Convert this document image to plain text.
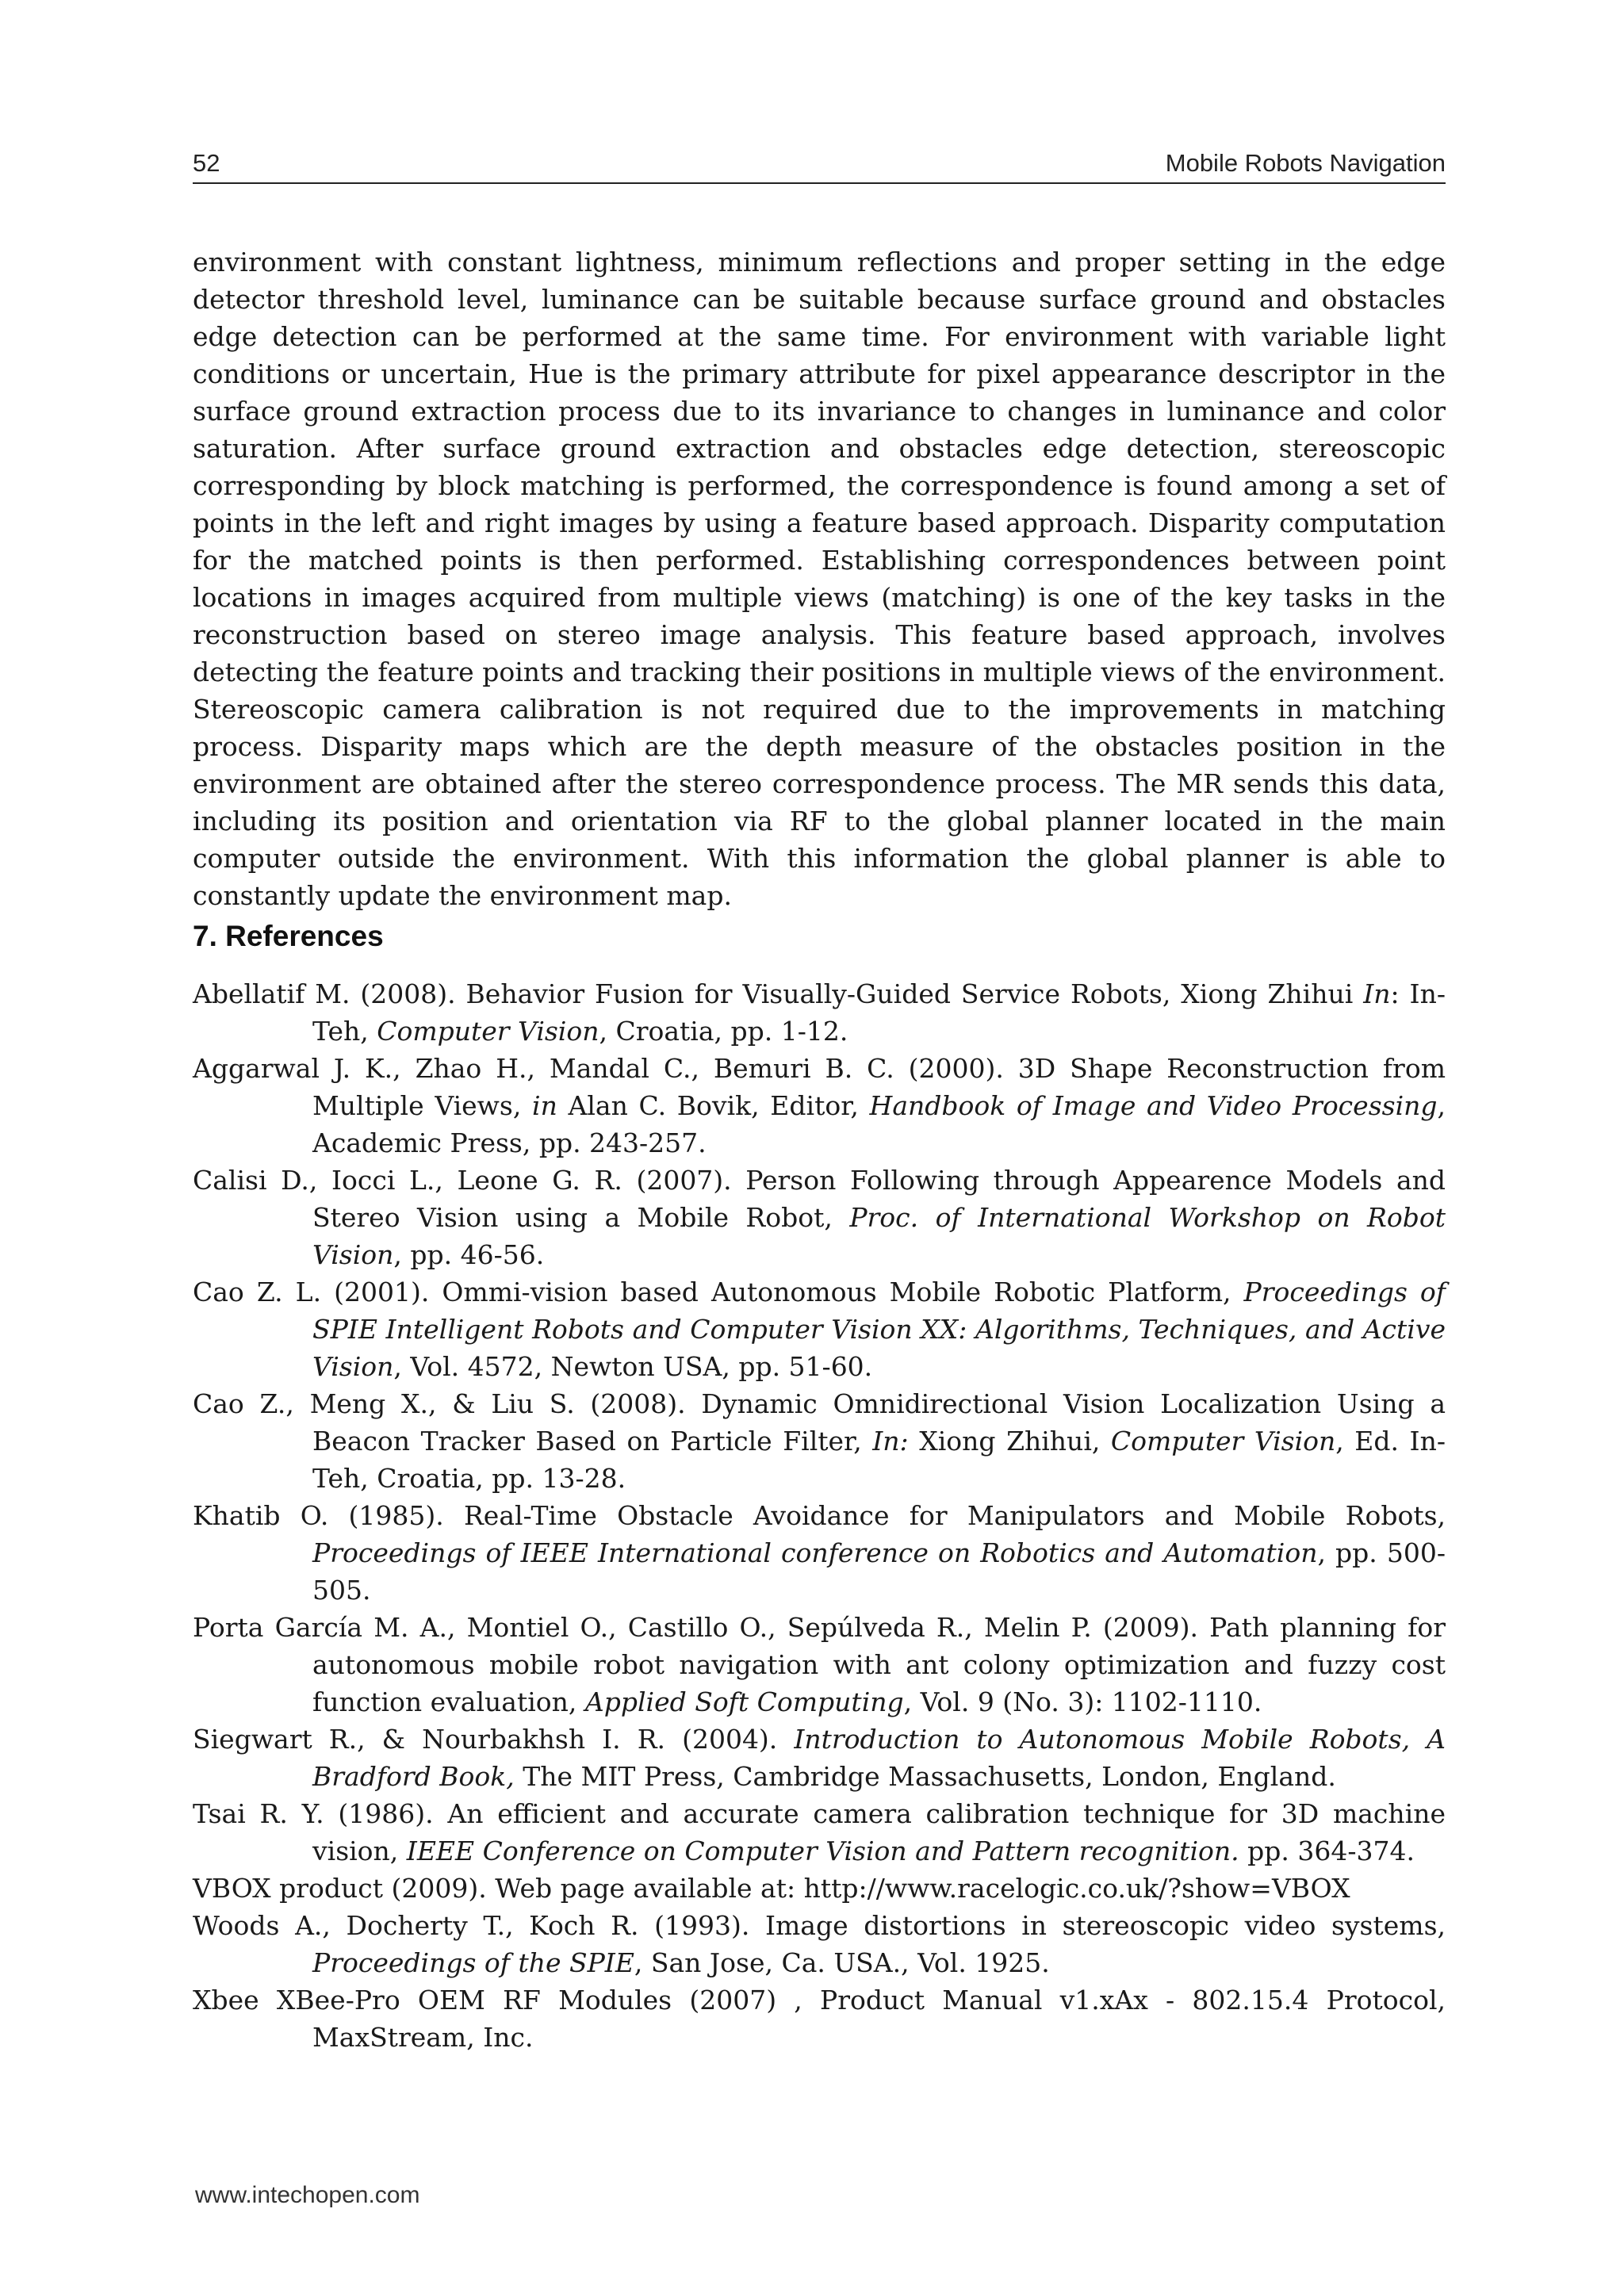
52	Mobile Robots Navigation

environment with constant lightness, minimum reflections and proper setting in the edge detector threshold level, luminance can be suitable because surface ground and obstacles edge detection can be performed at the same time. For environment with variable light conditions or uncertain, Hue is the primary attribute for pixel appearance descriptor in the surface ground extraction process due to its invariance to changes in luminance and color saturation. After surface ground extraction and obstacles edge detection, stereoscopic corresponding by block matching is performed, the correspondence is found among a set of points in the left and right images by using a feature based approach. Disparity computation for the matched points is then performed. Establishing correspondences between point locations in images acquired from multiple views (matching) is one of the key tasks in the reconstruction based on stereo image analysis. This feature based approach, involves detecting the feature points and tracking their positions in multiple views of the environment. Stereoscopic camera calibration is not required due to the improvements in matching process. Disparity maps which are the depth measure of the obstacles position in the environment are obtained after the stereo correspondence process. The MR sends this data, including its position and orientation via RF to the global planner located in the main computer outside the environment. With this information the global planner is able to constantly update the environment map.

7. References
Abellatif M. (2008). Behavior Fusion for Visually-Guided Service Robots, Xiong Zhihui In: In-Teh, Computer Vision, Croatia, pp. 1-12.
Aggarwal J. K., Zhao H., Mandal C., Bemuri B. C. (2000). 3D Shape Reconstruction from Multiple Views, in Alan C. Bovik, Editor, Handbook of Image and Video Processing, Academic Press, pp. 243-257.
Calisi D., Iocci L., Leone G. R. (2007). Person Following through Appearence Models and Stereo Vision using a Mobile Robot, Proc. of International Workshop on Robot Vision, pp. 46-56.
Cao Z. L. (2001). Ommi-vision based Autonomous Mobile Robotic Platform, Proceedings of SPIE Intelligent Robots and Computer Vision XX: Algorithms, Techniques, and Active Vision, Vol. 4572, Newton USA, pp. 51-60.
Cao Z., Meng X., & Liu S. (2008). Dynamic Omnidirectional Vision Localization Using a Beacon Tracker Based on Particle Filter, In: Xiong Zhihui, Computer Vision, Ed. In-Teh, Croatia, pp. 13-28.
Khatib O. (1985). Real-Time Obstacle Avoidance for Manipulators and Mobile Robots, Proceedings of IEEE International conference on Robotics and Automation, pp. 500-505.
Porta García M. A., Montiel O., Castillo O., Sepúlveda R., Melin P. (2009). Path planning for autonomous mobile robot navigation with ant colony optimization and fuzzy cost function evaluation, Applied Soft Computing, Vol. 9 (No. 3): 1102-1110.
Siegwart R., & Nourbakhsh I. R. (2004). Introduction to Autonomous Mobile Robots, A Bradford Book, The MIT Press, Cambridge Massachusetts, London, England.
Tsai R. Y. (1986). An efficient and accurate camera calibration technique for 3D machine vision, IEEE Conference on Computer Vision and Pattern recognition. pp. 364-374.
VBOX product (2009). Web page available at: http://www.racelogic.co.uk/?show=VBOX
Woods A., Docherty T., Koch R. (1993). Image distortions in stereoscopic video systems, Proceedings of the SPIE, San Jose, Ca. USA., Vol. 1925.
Xbee XBee-Pro OEM RF Modules (2007) , Product Manual v1.xAx - 802.15.4 Protocol, MaxStream, Inc.
www.intechopen.com
